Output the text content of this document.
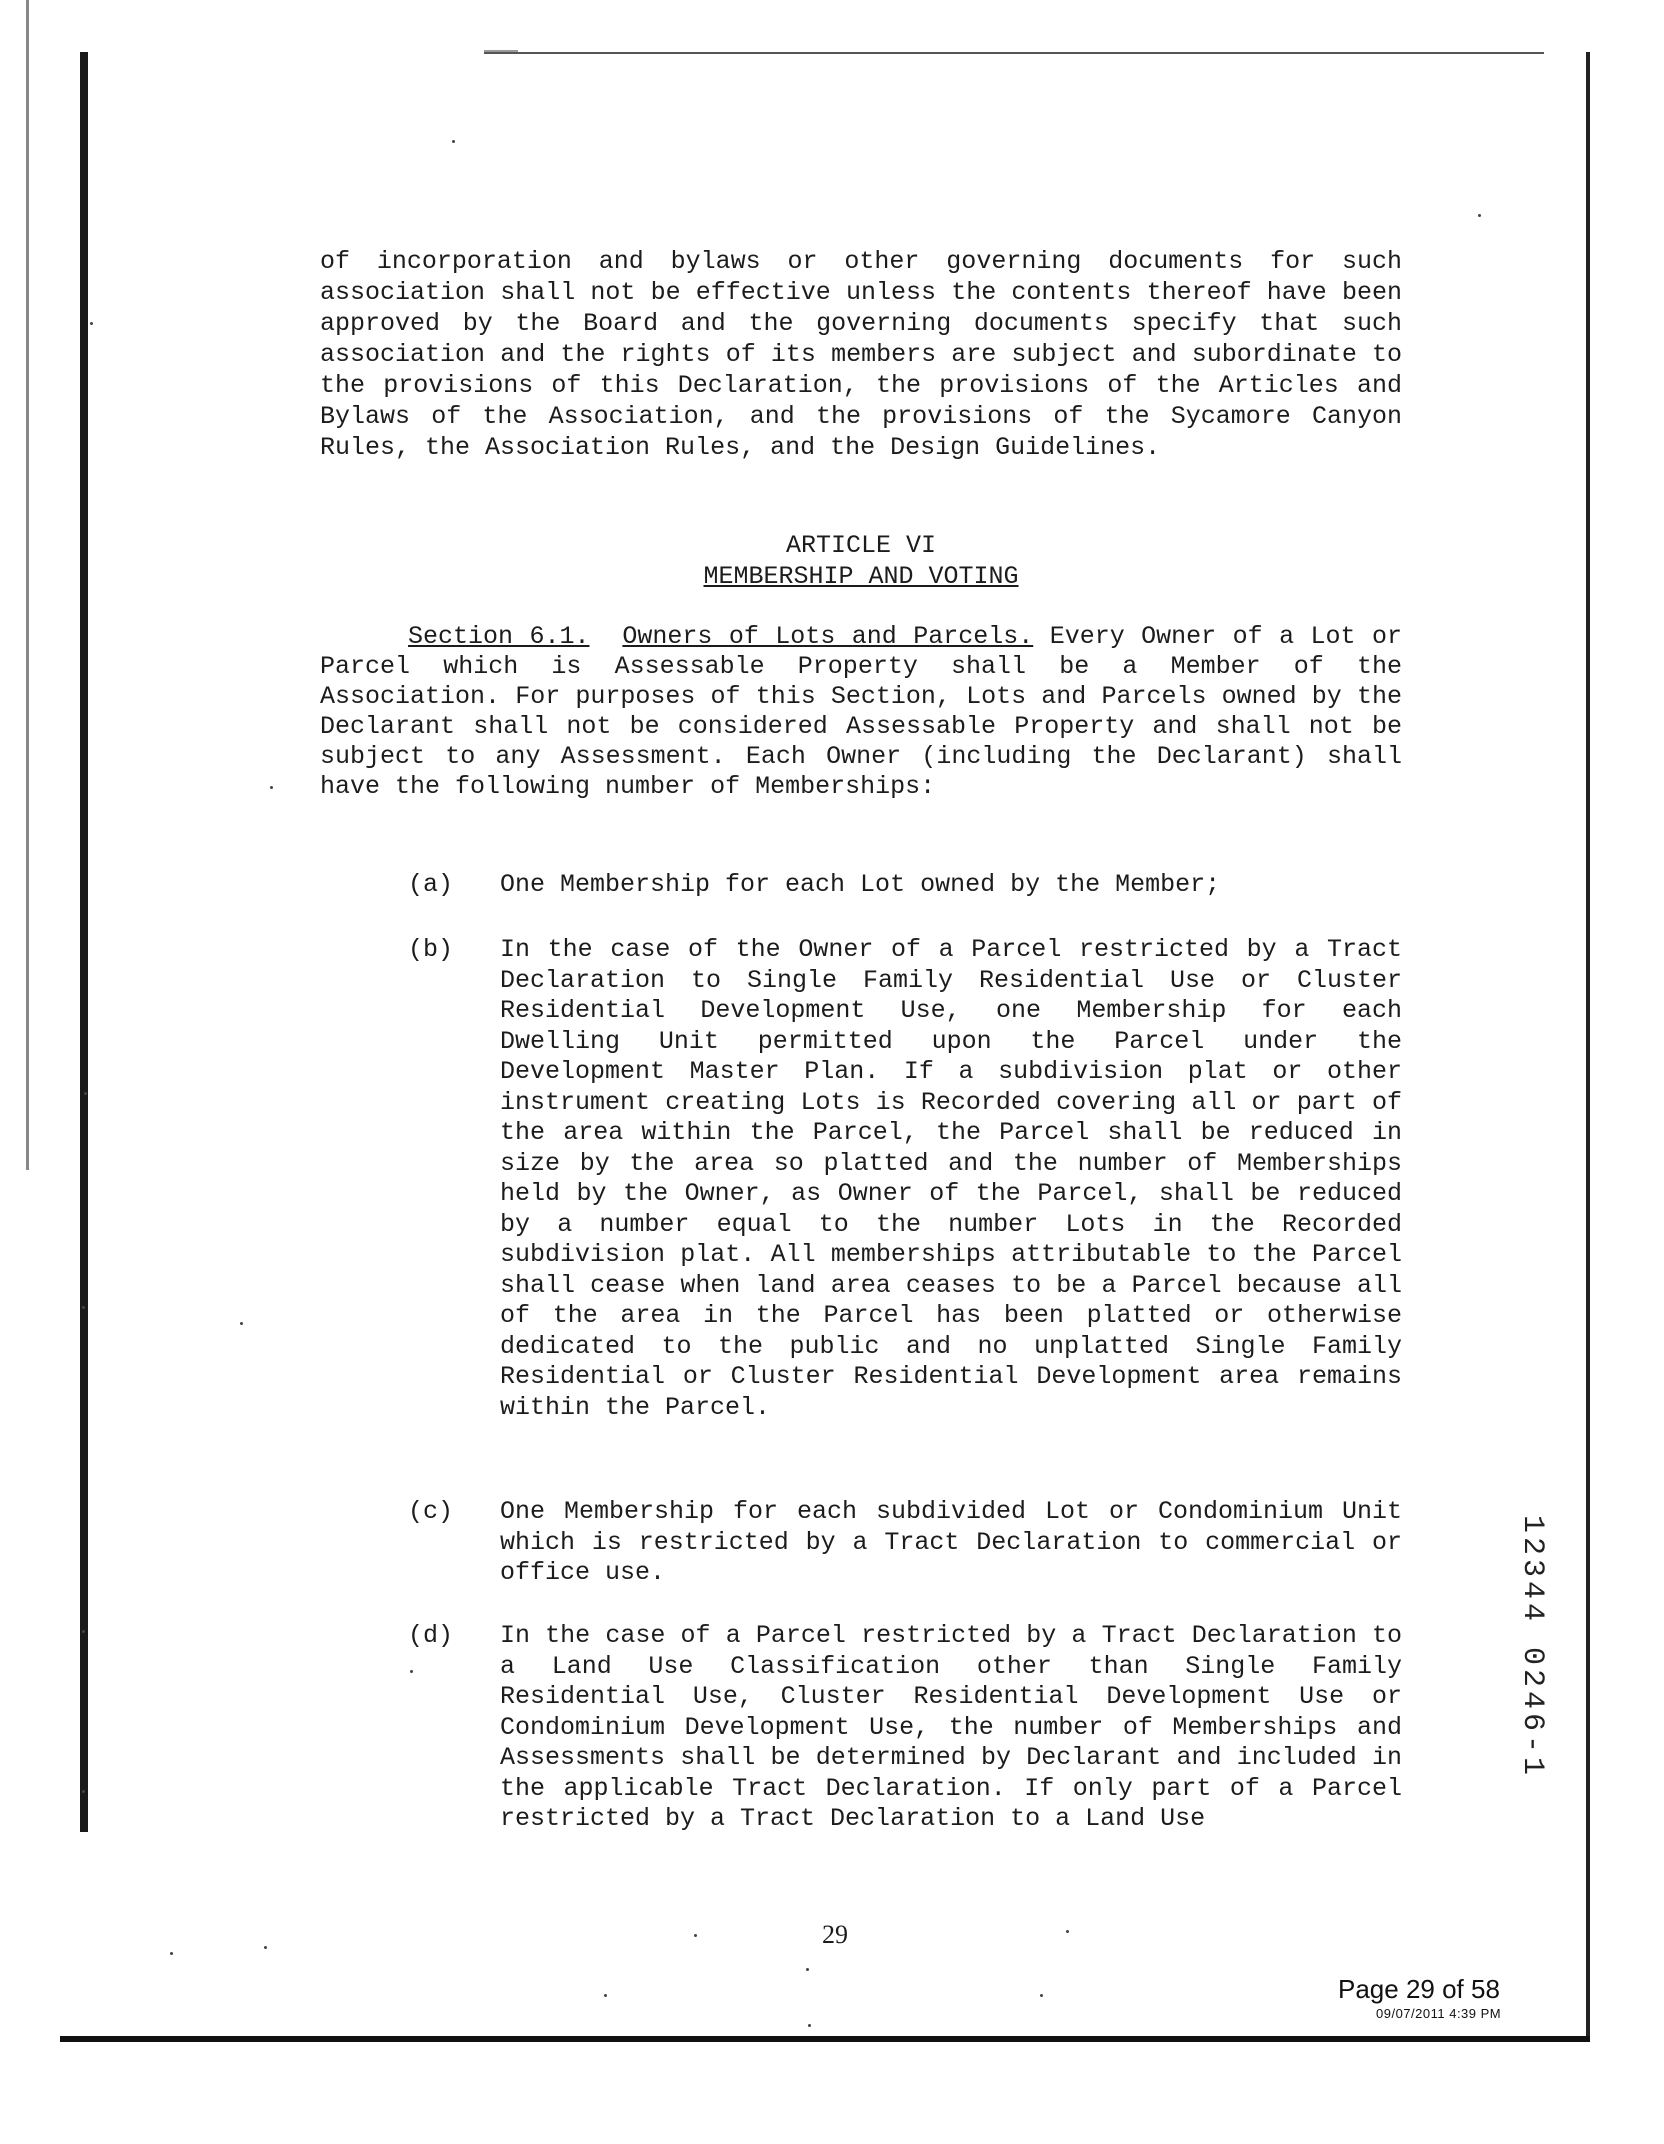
of incorporation and bylaws or other governing documents for such association shall not be effective unless the contents thereof have been approved by the Board and the governing documents specify that such association and the rights of its members are subject and subordinate to the provisions of this Declaration, the provisions of the Articles and Bylaws of the Association, and the provisions of the Sycamore Canyon Rules, the Association Rules, and the Design Guidelines.
ARTICLE VI
MEMBERSHIP AND VOTING
Section 6.1. Owners of Lots and Parcels. Every Owner of a Lot or Parcel which is Assessable Property shall be a Member of the Association. For purposes of this Section, Lots and Parcels owned by the Declarant shall not be considered Assessable Property and shall not be subject to any Assessment. Each Owner (including the Declarant) shall have the following number of Memberships:
(a)	One Membership for each Lot owned by the Member;
(b)	In the case of the Owner of a Parcel restricted by a Tract Declaration to Single Family Residential Use or Cluster Residential Development Use, one Membership for each Dwelling Unit permitted upon the Parcel under the Development Master Plan. If a subdivision plat or other instrument creating Lots is Recorded covering all or part of the area within the Parcel, the Parcel shall be reduced in size by the area so platted and the number of Memberships held by the Owner, as Owner of the Parcel, shall be reduced by a number equal to the number Lots in the Recorded subdivision plat. All memberships attributable to the Parcel shall cease when land area ceases to be a Parcel because all of the area in the Parcel has been platted or otherwise dedicated to the public and no unplatted Single Family Residential or Cluster Residential Development area remains within the Parcel.
(c)	One Membership for each subdivided Lot or Condominium Unit which is restricted by a Tract Declaration to commercial or office use.
(d)	In the case of a Parcel restricted by a Tract Declaration to a Land Use Classification other than Single Family Residential Use, Cluster Residential Development Use or Condominium Development Use, the number of Memberships and Assessments shall be determined by Declarant and included in the applicable Tract Declaration. If only part of a Parcel restricted by a Tract Declaration to a Land Use
12344 0246-1
29
Page 29 of 58
09/07/2011 4:39 PM
